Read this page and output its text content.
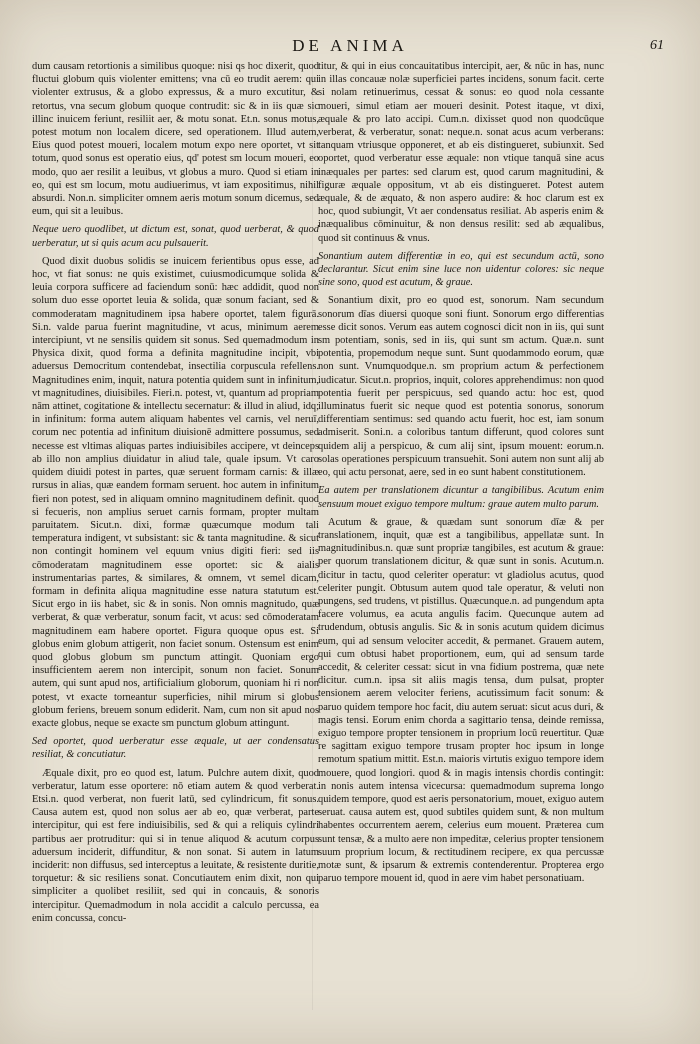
DE ANIMA	61

dum causam retortionis a similibus quoque: nisi qs hoc dixerit, quod fluctui globum quis violenter emittens; vna cū eo trudit aerem: qui violenter extrusus, & a globo expressus, & a muro excutitur, & retortus, vna secum globum quoque contrudit: sic & in iis quæ sic illinc inuicem feriunt, resiliit aer, & motu sonat. Et.n. sonus motus, potest motum non localem dicere, sed operationem. Illud autem, Eius quod potest moueri, localem motum expo nere oportet, vt sit totum, quod sonus est operatio eius, qd' potest sm locum moueri, eo modo, quo aer resilit a leuibus, vt globus a muro. Quod si etiam in eo, qui est sm locum, motu audiuerimus, vt iam expositimus, nihil absurdi. Non.n. simpliciter omnem aeris motum sonum dicemus, sed eum, qui sit a leuibus.

Neque uero quodlibet, ut dictum est, sonat, quod uerberat, & quod uerberatur, ut si quis acum acu pulsauerit.

Quod dixit duobus solidis se inuicem ferientibus opus esse, ad hoc, vt fiat sonus: ne quis existimet, cuiusmodicumque solida & leuia corpora sufficere ad faciendum sonū: hæc addidit, quod non solum duo esse oportet leuia & solida, quæ sonum faciant, sed & commoderatam magnitudinem ipsa habere oportet, talem figurā. Si.n. valde parua fuerint magnitudine, vt acus, minimum aerem intercipiunt, vt ne sensilis quidem sit sonus. Sed quemadmodum in Physica dixit, quod forma a definita magnitudine incipit, vbi aduersus Democritum contendebat, insectilia corpuscula refellens. Magnitudines enim, inquit, natura potentia quidem sunt in infinitum, vt magnitudines, diuisibiles. Fieri.n. potest, vt, quantum ad propriam nām attinet, cogitatione & intellectu secernatur: & illud in aliud, idq; in infinitum: forma autem aliquam habentes vel carnis, vel neruī, corum nec potentia ad infinitum diuisionē admittere possumus, sed necesse est vltimas aliquas partes indiuisibiles accipere, vt deinceps ab illo non amplius diuidatur in aliud tale, quale ipsum. Vt caro quidem diuidi potest in partes, quæ seruent formam carnis: & illæ rursus in alias, quæ eandem formam seruent. hoc autem in infinitum fieri non potest, sed in aliquam omnino magnitudinem definit. quod si fecueris, non amplius seruet carnis formam, propter multam paruitatem. Sicut.n. dixi, formæ quæcumque modum tali temperatura indigent, vt subsistant: sic & tanta magnitudine. & sicut non contingit hominem vel equum vnius digiti fieri: sed iis cōmoderatam magnitudinem esse oportet: sic & aialis instrumentarias partes, & similares, & omnem, vt semel dicam, formam in definita aliqua magnitudine esse natura statutum est. Sicut ergo in iis habet, sic & in sonis. Non omnis magnitudo, quæ verberat, & quæ verberatur, sonum facit, vt acus: sed cōmoderatam magnitudinem eam habere oportet. Figura quoque opus est. Si globus enim globum attigerit, non faciet sonum. Ostensum est enim quod globus globum sm punctum attingit. Quoniam ergo insufficientem aerem non intercipit, sonum non faciet. Sonum autem, qui sunt apud nos, artificialium globorum, quoniam hi ri non potest, vt exacte torneantur superficies, nihil mirum si globus globum feriens, breuem sonum ediderit. Nam, cum non sit apud nos exacte globus, neque se exacte sm punctum globum attingunt.

Sed oportet, quod uerberatur esse æquale, ut aer condensatus resiliat, & concutiatur.

Æquale dixit, pro eo quod est, latum. Pulchre autem dixit, quod verberatur, latum esse oportere: nō etiam autem & quod verberat. Etsi.n. quod verberat, non fuerit latū, sed cylindricum, fit sonus. Causa autem est, quod non solus aer ab eo, quæ verberat, parte intercipitur, qui est fere indiuisibilis, sed & qui a reliquis cylindri partibus aer protruditur: qui si in tenue aliquod & acutum corpus aduersum inciderit, diffunditur, & non sonat. Si autem in latum inciderit: non diffusus, sed interceptus a leuitate, & resistente duritie, torquetur: & sic resiliens sonat. Concutiautem enim dixit, non qui simpliciter a quolibet resiliit, sed qui in concauis, & sonoris intercipitur. Quemadmodum in nola accidit a calculo percussa, ea enim concussa, concu-

titur, & qui in eius concauitatibus intercipit, aer, & nūc in has, nunc in illas concauæ nolæ superficiei partes incidens, sonum facit. certe si nolam retinuerimus, cessat & sonus: eo quod nola cessante moueri, simul etiam aer moueri desinit. Potest itaque, vt dixi, æquale & pro lato accipi. Cum.n. dixisset quod non quodcūque verberat, & verberatur, sonat: neque.n. sonat acus acum verberans: tanquam vtriusque opponeret, et ab eis distingueret, subiunxit. Sed oportet, quod verberatur esse æquale: non vtique tanquā sine acus inæquales per partes: sed clarum est, quod carum magnitudini, & figuræ æquale oppositum, vt ab eis distingueret. Potest autem æquale, & de æquato, & non aspero audire: & hoc clarum est ex hoc, quod subiungit, Vt aer condensatus resiliat. Ab asperis enim & inæqualibus cōminuitur, & non densus resilit: sed ab æqualibus, quod sit continuus & vnus.

Sonantium autem differentiæ in eo, qui est secundum actū, sono declarantur. Sicut enim sine luce non uidentur colores: sic neque sine sono, quod est acutum, & graue.

Sonantium dixit, pro eo quod est, sonorum. Nam secundum sonorum dīas diuersi quoque soni fiunt. Sonorum ergo differentias esse dicit sonos. Verum eas autem cognosci dicit non in iis, qui sunt sm potentiam, sonis, sed in iis, qui sunt sm actum. Quæ.n. sunt potentia, propemodum neque sunt. Sunt quodammodo eorum, quæ non sunt. Vnumquodque.n. sm proprium actum & perfectionem iudicatur. Sicut.n. proprios, inquit, colores apprehendimus: non quod potentia fuerit per perspicuus, sed quando actu: hoc est, quod illuminatus fuerit sic neque quod est potentia sonorus, sonorum differentiam sentimus: sed quando actu fuerit, hoc est, iam sonum admiserit. Soni.n. a coloribus tantum differunt, quod colores sunt quidem alij a perspicuo, & cum alij sint, ipsum mouent: eorum.n. solas operationes perspicuum transuehit. Soni autem non sunt alij ab eo, qui actu personat, aere, sed in eo sunt habent constitutionem.

Ea autem per translationem dicuntur a tangibilibus. Acutum enim sensuum mouet exiguo tempore multum: graue autem multo parum.

Acutum & graue, & quædam sunt sonorum dīæ & per translationem, inquit, quæ est a tangibilibus, appellatæ sunt. In magnitudinibus.n. quæ sunt propriæ tangibiles, est acutum & graue: per quorum translationem dicitur, & quæ sunt in sonis. Acutum.n. dicitur in tactu, quod celeriter operatur: vt gladiolus acutus, quod celeriter pungit. Obtusum autem quod tale operatur, & veluti non pungens, sed trudens, vt pistillus. Quæcunque.n. ad pungendum apta facere volumus, ea acuta angulis facim. Quecunque autem ad trudendum, obtusis angulis. Sic & in sonis acutum quidem dicimus eum, qui ad sensum velociter accedit, & permanet. Grauem autem, qui cum obtusi habet proportionem, eum, qui ad sensum tarde accedit, & celeriter cessat: sicut in vna fidium postrema, quæ nete dicitur. cum.n. ipsa sit aliis magis tensa, dum pulsat, propter tensionem aerem velociter feriens, acutissimum facit sonum: & paruo quidem tempore hoc facit, diu autem seruat: sicut acus duri, & magis tensi. Eorum enim chorda a sagittario tensa, deinde remissa, exiguo tempore propter tensionem in proprium locū reuertitur. Quæ re sagittam exiguo tempore trusam propter hoc ipsum in longe remotum spatium mittit. Est.n. maioris virtutis exiguo tempore idem mouere, quod longiori. quod & in magis intensis chordis contingit: in nonis autem intensa vicecursa: quemadmodum suprema longo quidem tempore, quod est aeris personatorium, mouet, exiguo autem seruat. causa autem est, quod subtiles quidem sunt, & non multum habentes occurrentem aerem, celerius eum mouent. Præterea cum sunt tensæ, & a multo aere non impeditæ, celerius propter tensionem suum proprium locum, & rectitudinem recipere, ex qua percussæ motæ sunt, & ipsarum & extremis contenderentur. Propterea ergo paruo tempore mouent id, quod in aere vim habet personatiuam.
